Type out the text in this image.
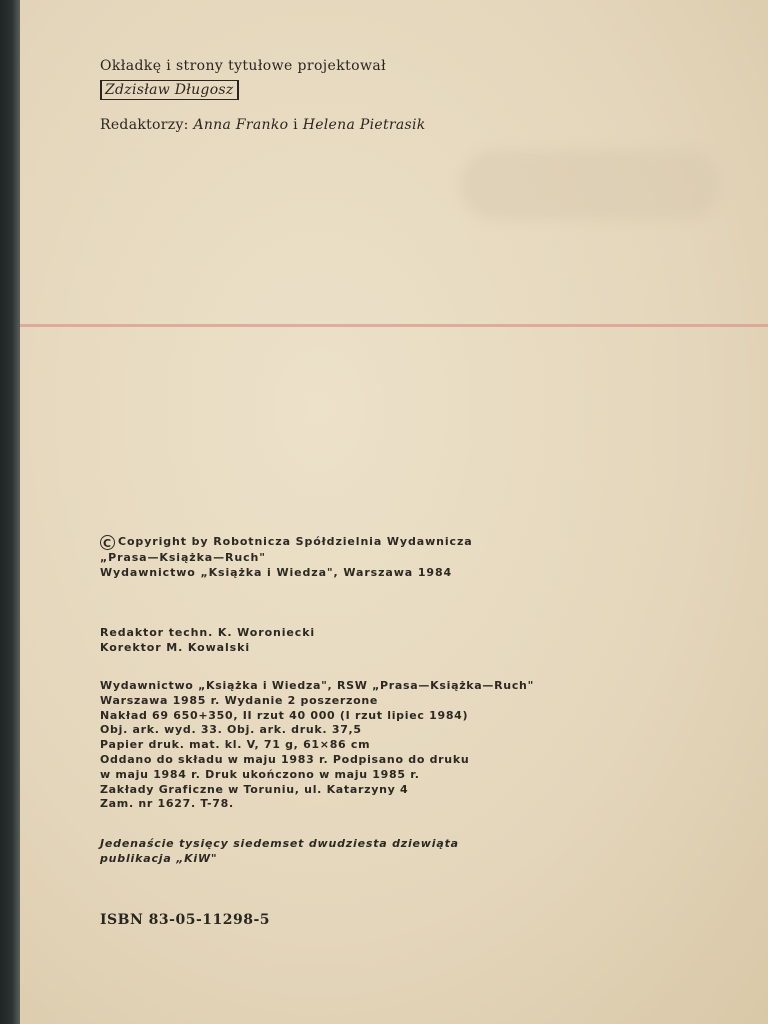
Okładkę i strony tytułowe projektował
Zdzisław Długosz
Redaktorzy: Anna Franko i Helena Pietrasik
C Copyright by Robotnicza Spółdzielnia Wydawnicza
„Prasa—Książka—Ruch"
Wydawnictwo „Książka i Wiedza", Warszawa 1984
Redaktor techn. K. Woroniecki
Korektor M. Kowalski
Wydawnictwo „Książka i Wiedza", RSW „Prasa—Książka—Ruch"
Warszawa 1985 r. Wydanie 2 poszerzone
Nakład 69 650+350, II rzut 40 000 (I rzut lipiec 1984)
Obj. ark. wyd. 33. Obj. ark. druk. 37,5
Papier druk. mat. kl. V, 71 g, 61×86 cm
Oddano do składu w maju 1983 r. Podpisano do druku
w maju 1984 r. Druk ukończono w maju 1985 r.
Zakłady Graficzne w Toruniu, ul. Katarzyny 4
Zam. nr 1627. T-78.
Jedenaście tysięcy siedemset dwudziesta dziewiąta
publikacja „KiW"
ISBN 83-05-11298-5
